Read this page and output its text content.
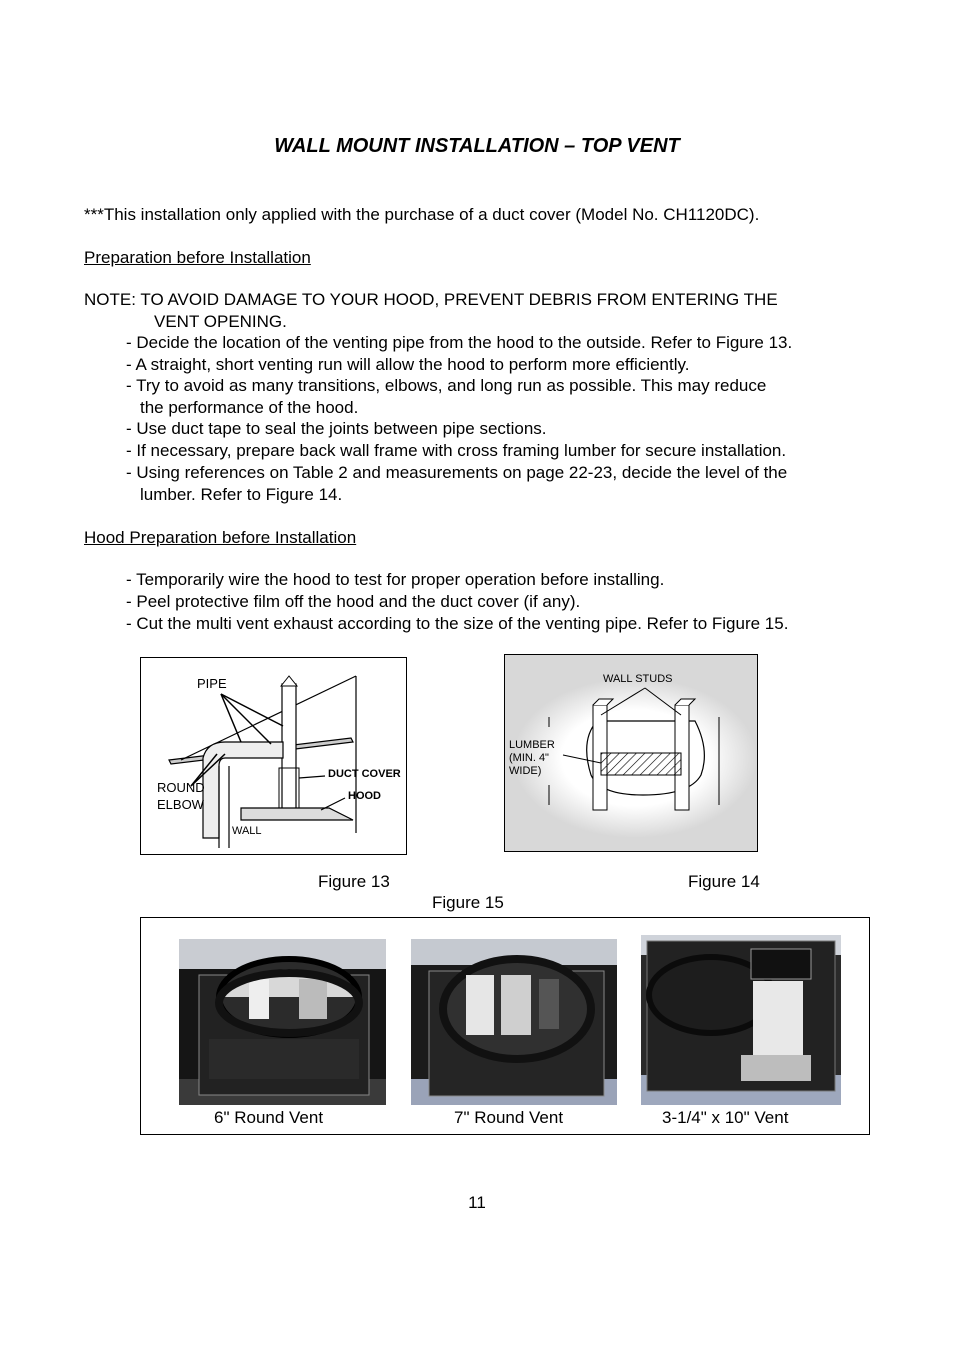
WALL MOUNT INSTALLATION – TOP VENT
***This installation only applied with the purchase of a duct cover (Model No. CH1120DC).
Preparation before Installation
NOTE: TO AVOID DAMAGE TO YOUR HOOD, PREVENT DEBRIS FROM ENTERING THE
VENT OPENING.
- Decide the location of the venting pipe from the hood to the outside. Refer to Figure 13.
- A straight, short venting run will allow the hood to perform more efficiently.
- Try to avoid as many transitions, elbows, and long run as possible. This may reduce
the performance of the hood.
- Use duct tape to seal the joints between pipe sections.
- If necessary, prepare back wall frame with cross framing lumber for secure installation.
- Using references on Table 2 and measurements on page 22-23, decide the level of the
lumber. Refer to Figure 14.
Hood Preparation before Installation
- Temporarily wire the hood to test for proper operation before installing.
- Peel protective film off the hood and the duct cover (if any).
- Cut the multi vent exhaust according to the size of the venting pipe. Refer to Figure 15.
PIPE
ROUND
ELBOW
DUCT COVER
HOOD
WALL
WALL STUDS
LUMBER
(MIN. 4"
WIDE)
Figure 13	Figure 14
Figure 15
6" Round Vent	7" Round Vent	3-1/4" x 10" Vent
11
